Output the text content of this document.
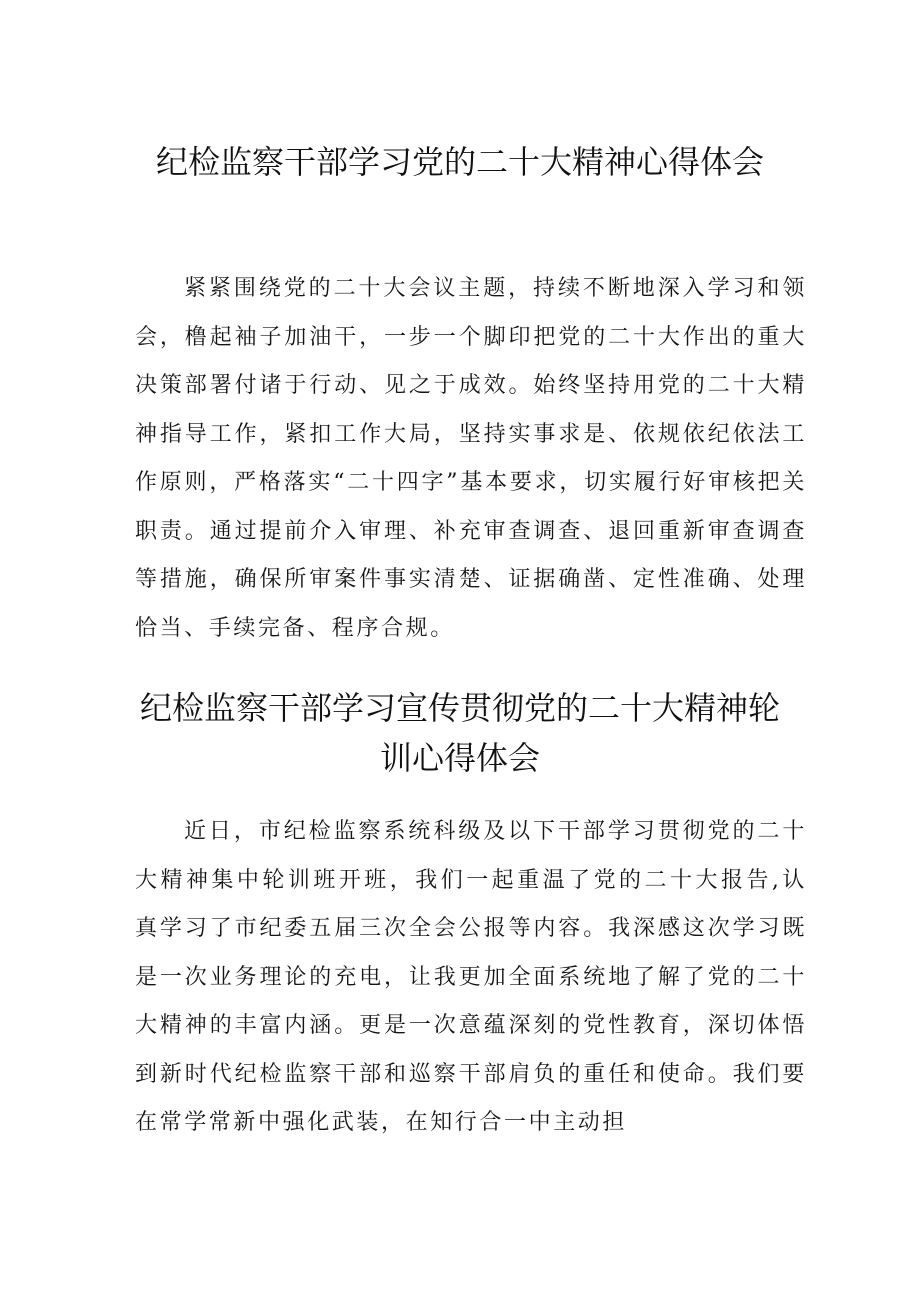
纪检监察干部学习党的二十大精神心得体会

紧紧围绕党的二十大会议主题，持续不断地深入学习和领会，橹起袖子加油干，一步一个脚印把党的二十大作出的重大决策部署付诸于行动、见之于成效。始终坚持用党的二十大精神指导工作，紧扣工作大局，坚持实事求是、依规依纪依法工作原则，严格落实“二十四字”基本要求，切实履行好审核把关职责。通过提前介入审理、补充审查调查、退回重新审查调查等措施，确保所审案件事实清楚、证据确凿、定性准确、处理恰当、手续完备、程序合规。

纪检监察干部学习宣传贯彻党的二十大精神轮训心得体会

近日，市纪检监察系统科级及以下干部学习贯彻党的二十大精神集中轮训班开班，我们一起重温了党的二十大报告,认真学习了市纪委五届三次全会公报等内容。我深感这次学习既是一次业务理论的充电，让我更加全面系统地了解了党的二十大精神的丰富内涵。更是一次意蕴深刻的党性教育，深切体悟到新时代纪检监察干部和巡察干部肩负的重任和使命。我们要在常学常新中强化武装，在知行合一中主动担
